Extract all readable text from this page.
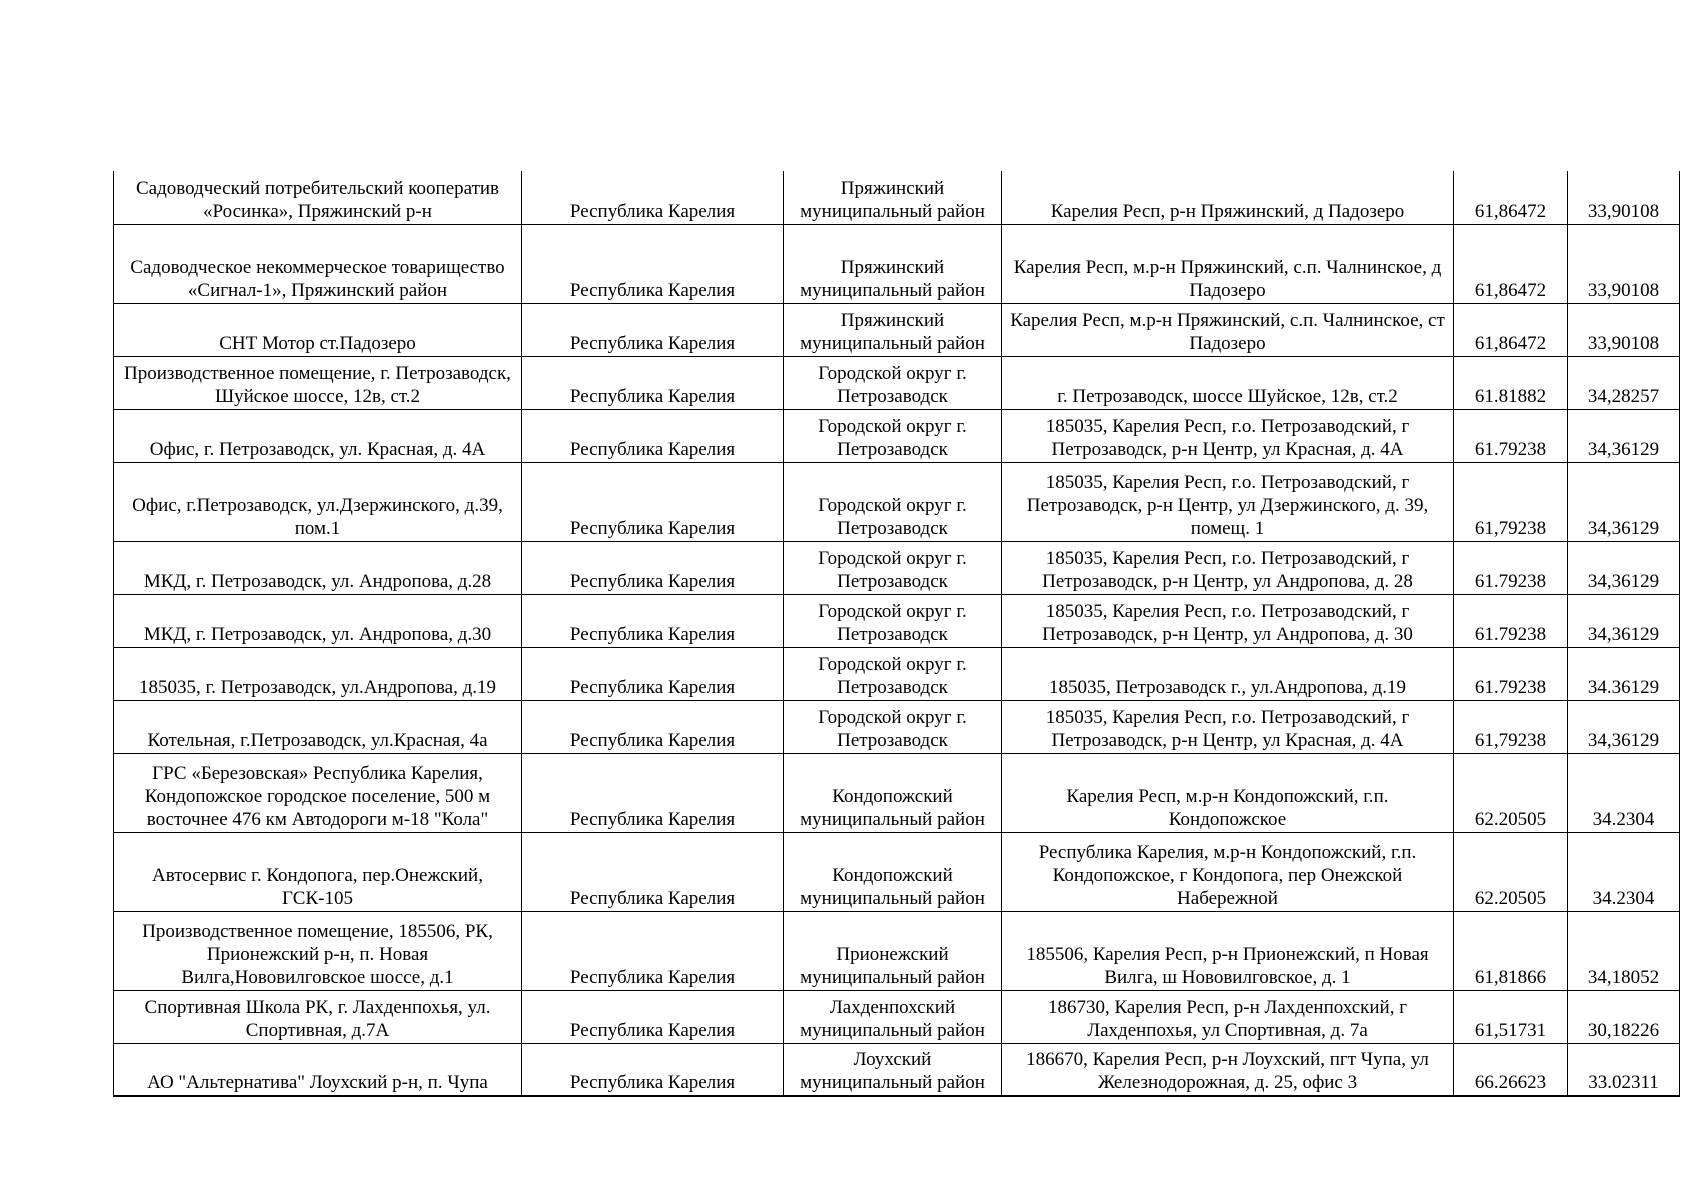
Садоводческий потребительский кооператив «Росинка», Пряжинский р-н	Республика Карелия	Пряжинский муниципальный район	Карелия Респ, р-н Пряжинский, д Падозеро	61,86472	33,90108
Садоводческое некоммерческое товарищество «Сигнал-1», Пряжинский район	Республика Карелия	Пряжинский муниципальный район	Карелия Респ, м.р-н Пряжинский, с.п. Чалнинское, д Падозеро	61,86472	33,90108
СНТ Мотор ст.Падозеро	Республика Карелия	Пряжинский муниципальный район	Карелия Респ, м.р-н Пряжинский, с.п. Чалнинское, ст Падозеро	61,86472	33,90108
Производственное помещение, г. Петрозаводск, Шуйское шоссе, 12в, ст.2	Республика Карелия	Городской округ г. Петрозаводск	г. Петрозаводск, шоссе Шуйское, 12в, ст.2	61.81882	34,28257
Офис, г. Петрозаводск, ул. Красная, д. 4А	Республика Карелия	Городской округ г. Петрозаводск	185035, Карелия Респ, г.о. Петрозаводский, г Петрозаводск, р-н Центр, ул Красная, д. 4А	61.79238	34,36129
Офис, г.Петрозаводск, ул.Дзержинского, д.39, пом.1	Республика Карелия	Городской округ г. Петрозаводск	185035, Карелия Респ, г.о. Петрозаводский, г Петрозаводск, р-н Центр, ул Дзержинского, д. 39, помещ. 1	61,79238	34,36129
МКД, г. Петрозаводск, ул. Андропова, д.28	Республика Карелия	Городской округ г. Петрозаводск	185035, Карелия Респ, г.о. Петрозаводский, г Петрозаводск, р-н Центр, ул Андропова, д. 28	61.79238	34,36129
МКД, г. Петрозаводск, ул. Андропова, д.30	Республика Карелия	Городской округ г. Петрозаводск	185035, Карелия Респ, г.о. Петрозаводский, г Петрозаводск, р-н Центр, ул Андропова, д. 30	61.79238	34,36129
185035, г. Петрозаводск, ул.Андропова, д.19	Республика Карелия	Городской округ г. Петрозаводск	185035, Петрозаводск г., ул.Андропова, д.19	61.79238	34.36129
Котельная, г.Петрозаводск, ул.Красная, 4а	Республика Карелия	Городской округ г. Петрозаводск	185035, Карелия Респ, г.о. Петрозаводский, г Петрозаводск, р-н Центр, ул Красная, д. 4А	61,79238	34,36129
ГРС «Березовская» Республика Карелия, Кондопожское городское поселение, 500 м восточнее 476 км Автодороги м-18 "Кола"	Республика Карелия	Кондопожский муниципальный район	Карелия Респ, м.р-н Кондопожский, г.п. Кондопожское	62.20505	34.2304
Автосервис г. Кондопога, пер.Онежский, ГСК-105	Республика Карелия	Кондопожский муниципальный район	Республика Карелия, м.р-н Кондопожский, г.п. Кондопожское, г Кондопога, пер Онежской Набережной	62.20505	34.2304
Производственное помещение, 185506, РК, Прионежский р-н, п. Новая Вилга,Нововилговское шоссе, д.1	Республика Карелия	Прионежский муниципальный район	185506, Карелия Респ, р-н Прионежский, п Новая Вилга, ш Нововилговское, д. 1	61,81866	34,18052
Спортивная Школа РК, г. Лахденпохья, ул. Спортивная, д.7А	Республика Карелия	Лахденпохский муниципальный район	186730, Карелия Респ, р-н Лахденпохский, г Лахденпохья, ул Спортивная, д. 7а	61,51731	30,18226
АО "Альтернатива" Лоухский р-н, п. Чупа	Республика Карелия	Лоухский муниципальный район	186670, Карелия Респ, р-н Лоухский, пгт Чупа, ул Железнодорожная, д. 25, офис 3	66.26623	33.02311
